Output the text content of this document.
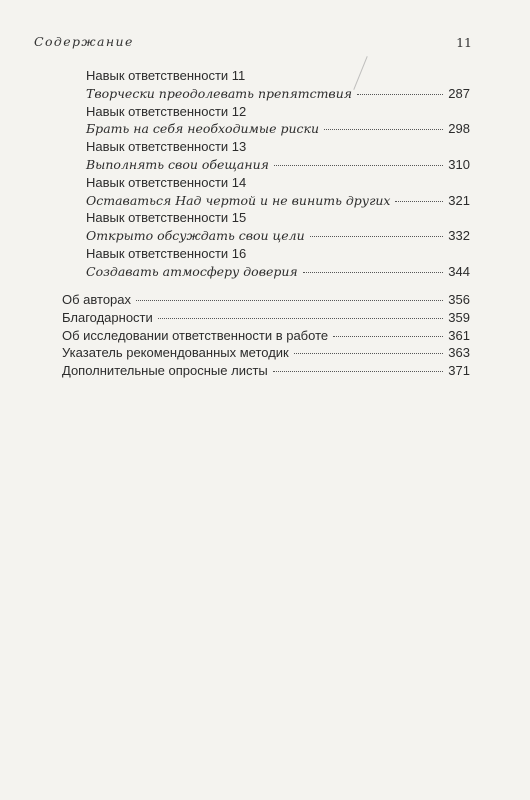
Содержание	11
Навык ответственности 11
Творчески преодолевать препятствия	287
Навык ответственности 12
Брать на себя необходимые риски	298
Навык ответственности 13
Выполнять свои обещания	310
Навык ответственности 14
Оставаться Над чертой и не винить других	321
Навык ответственности 15
Открыто обсуждать свои цели	332
Навык ответственности 16
Создавать атмосферу доверия	344
Об авторах	356
Благодарности	359
Об исследовании ответственности в работе	361
Указатель рекомендованных методик	363
Дополнительные опросные листы	371
